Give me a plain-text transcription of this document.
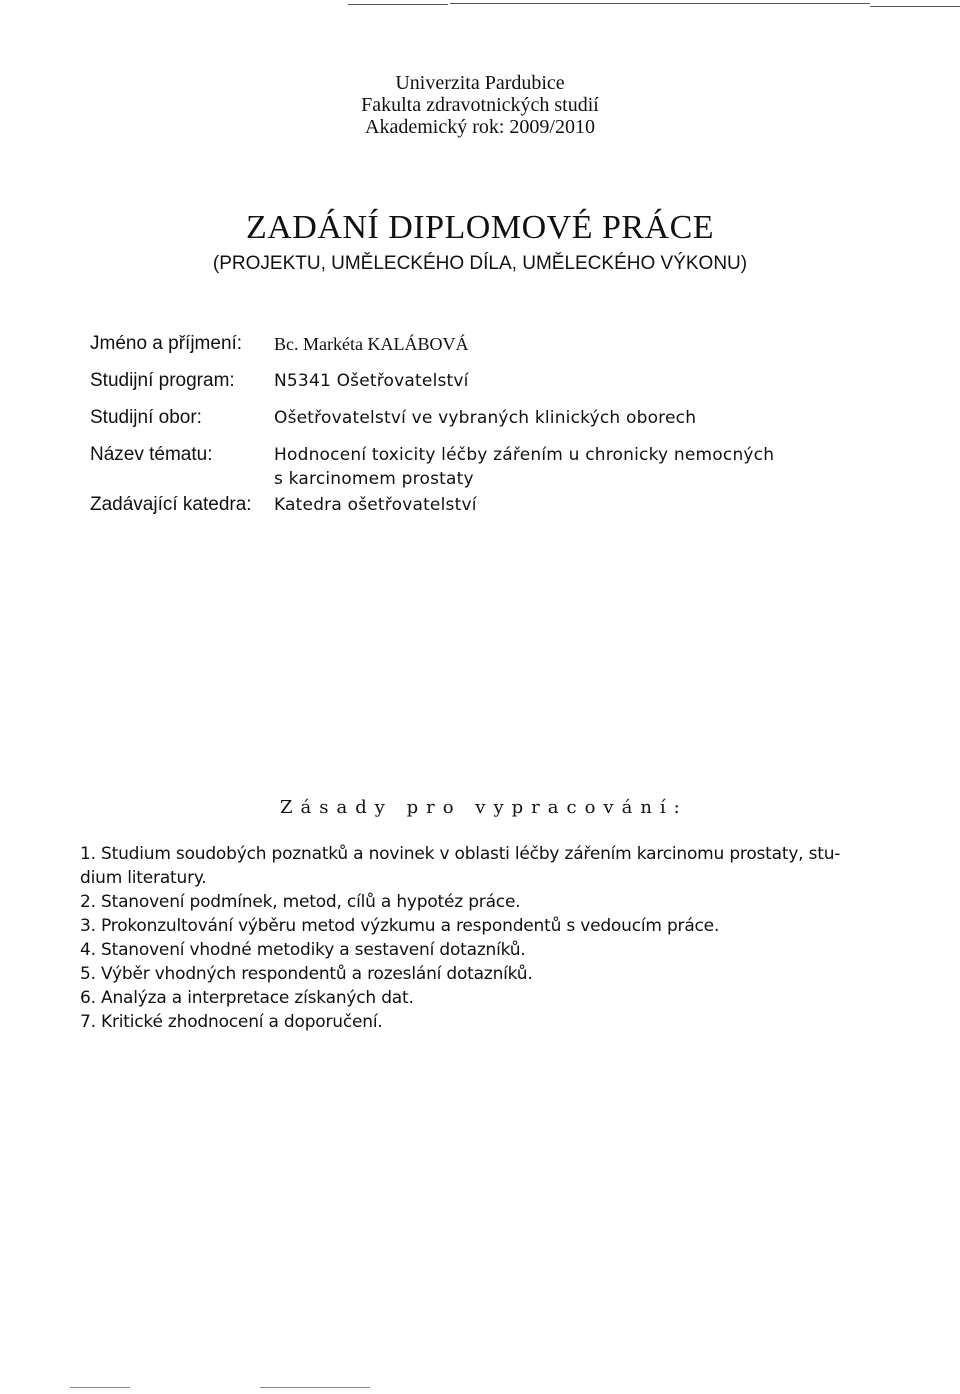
Univerzita Pardubice
Fakulta zdravotnických studií
Akademický rok: 2009/2010
ZADÁNÍ DIPLOMOVÉ PRÁCE
(PROJEKTU, UMĚLECKÉHO DÍLA, UMĚLECKÉHO VÝKONU)
Jméno a příjmení:	Bc. Markéta KALÁBOVÁ
Studijní program:	N5341 Ošetřovatelství
Studijní obor:	Ošetřovatelství ve vybraných klinických oborech
Název tématu:	Hodnocení toxicity léčby zářením u chronicky nemocných
s karcinomem prostaty
Zadávající katedra:	Katedra ošetřovatelství
Zásady pro vypracování:
1. Studium soudobých poznatků a novinek v oblasti léčby zářením karcinomu prostaty, stu-
dium literatury.
2. Stanovení podmínek, metod, cílů a hypotéz práce.
3. Prokonzultování výběru metod výzkumu a respondentů s vedoucím práce.
4. Stanovení vhodné metodiky a sestavení dotazníků.
5. Výběr vhodných respondentů a rozeslání dotazníků.
6. Analýza a interpretace získaných dat.
7. Kritické zhodnocení a doporučení.
